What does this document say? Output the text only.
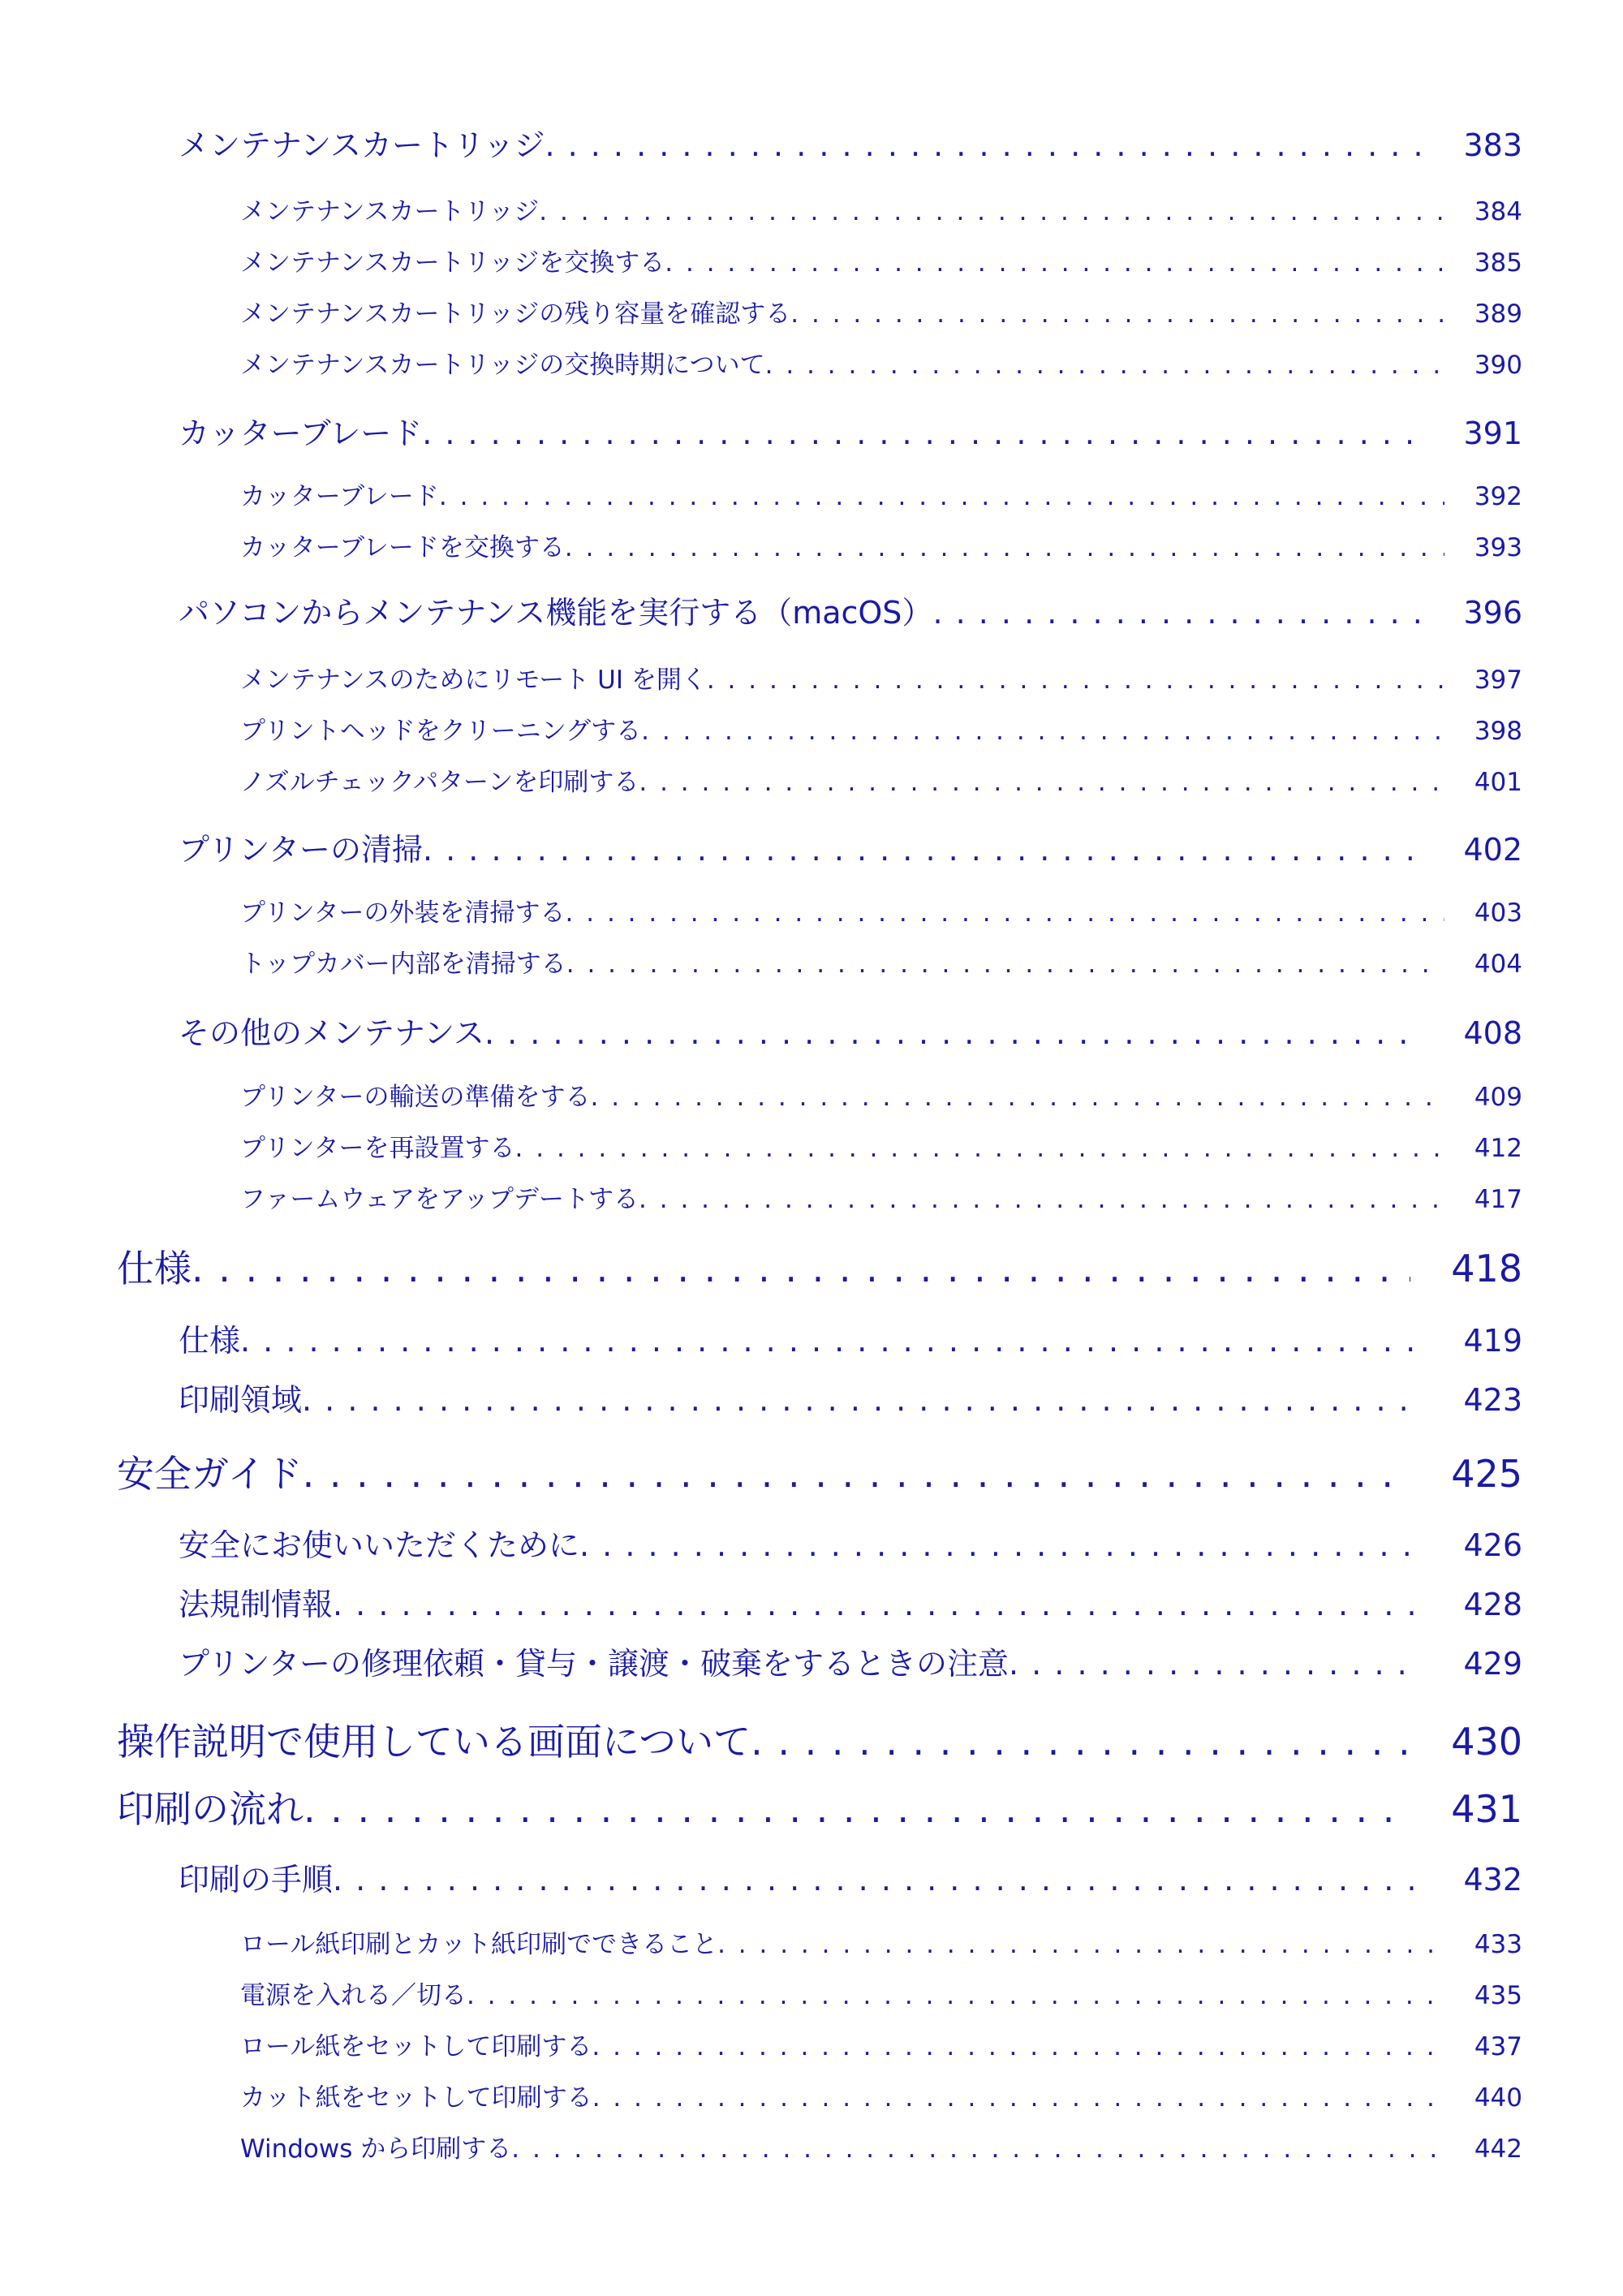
メンテナンスカートリッジ . . .	383
メンテナンスカートリッジ . . .	384
メンテナンスカートリッジを交換する . . .	385
メンテナンスカートリッジの残り容量を確認する . . .	389
メンテナンスカートリッジの交換時期について . . .	390
カッターブレード . . .	391
カッターブレード . . .	392
カッターブレードを交換する . . .	393
パソコンからメンテナンス機能を実行する（macOS） . . .	396
メンテナンスのためにリモート UI を開く . . .	397
プリントヘッドをクリーニングする . . .	398
ノズルチェックパターンを印刷する . . .	401
プリンターの清掃 . . .	402
プリンターの外装を清掃する . . .	403
トップカバー内部を清掃する . . .	404
その他のメンテナンス . . .	408
プリンターの輸送の準備をする . . .	409
プリンターを再設置する . . .	412
ファームウェアをアップデートする . . .	417
仕様 . . .	418
仕様 . . .	419
印刷領域 . . .	423
安全ガイド . . .	425
安全にお使いいただくために . . .	426
法規制情報 . . .	428
プリンターの修理依頼・貸与・譲渡・破棄をするときの注意 . . .	429
操作説明で使用している画面について . . .	430
印刷の流れ . . .	431
印刷の手順 . . .	432
ロール紙印刷とカット紙印刷でできること . . .	433
電源を入れる／切る . . .	435
ロール紙をセットして印刷する . . .	437
カット紙をセットして印刷する . . .	440
Windows から印刷する . . .	442
